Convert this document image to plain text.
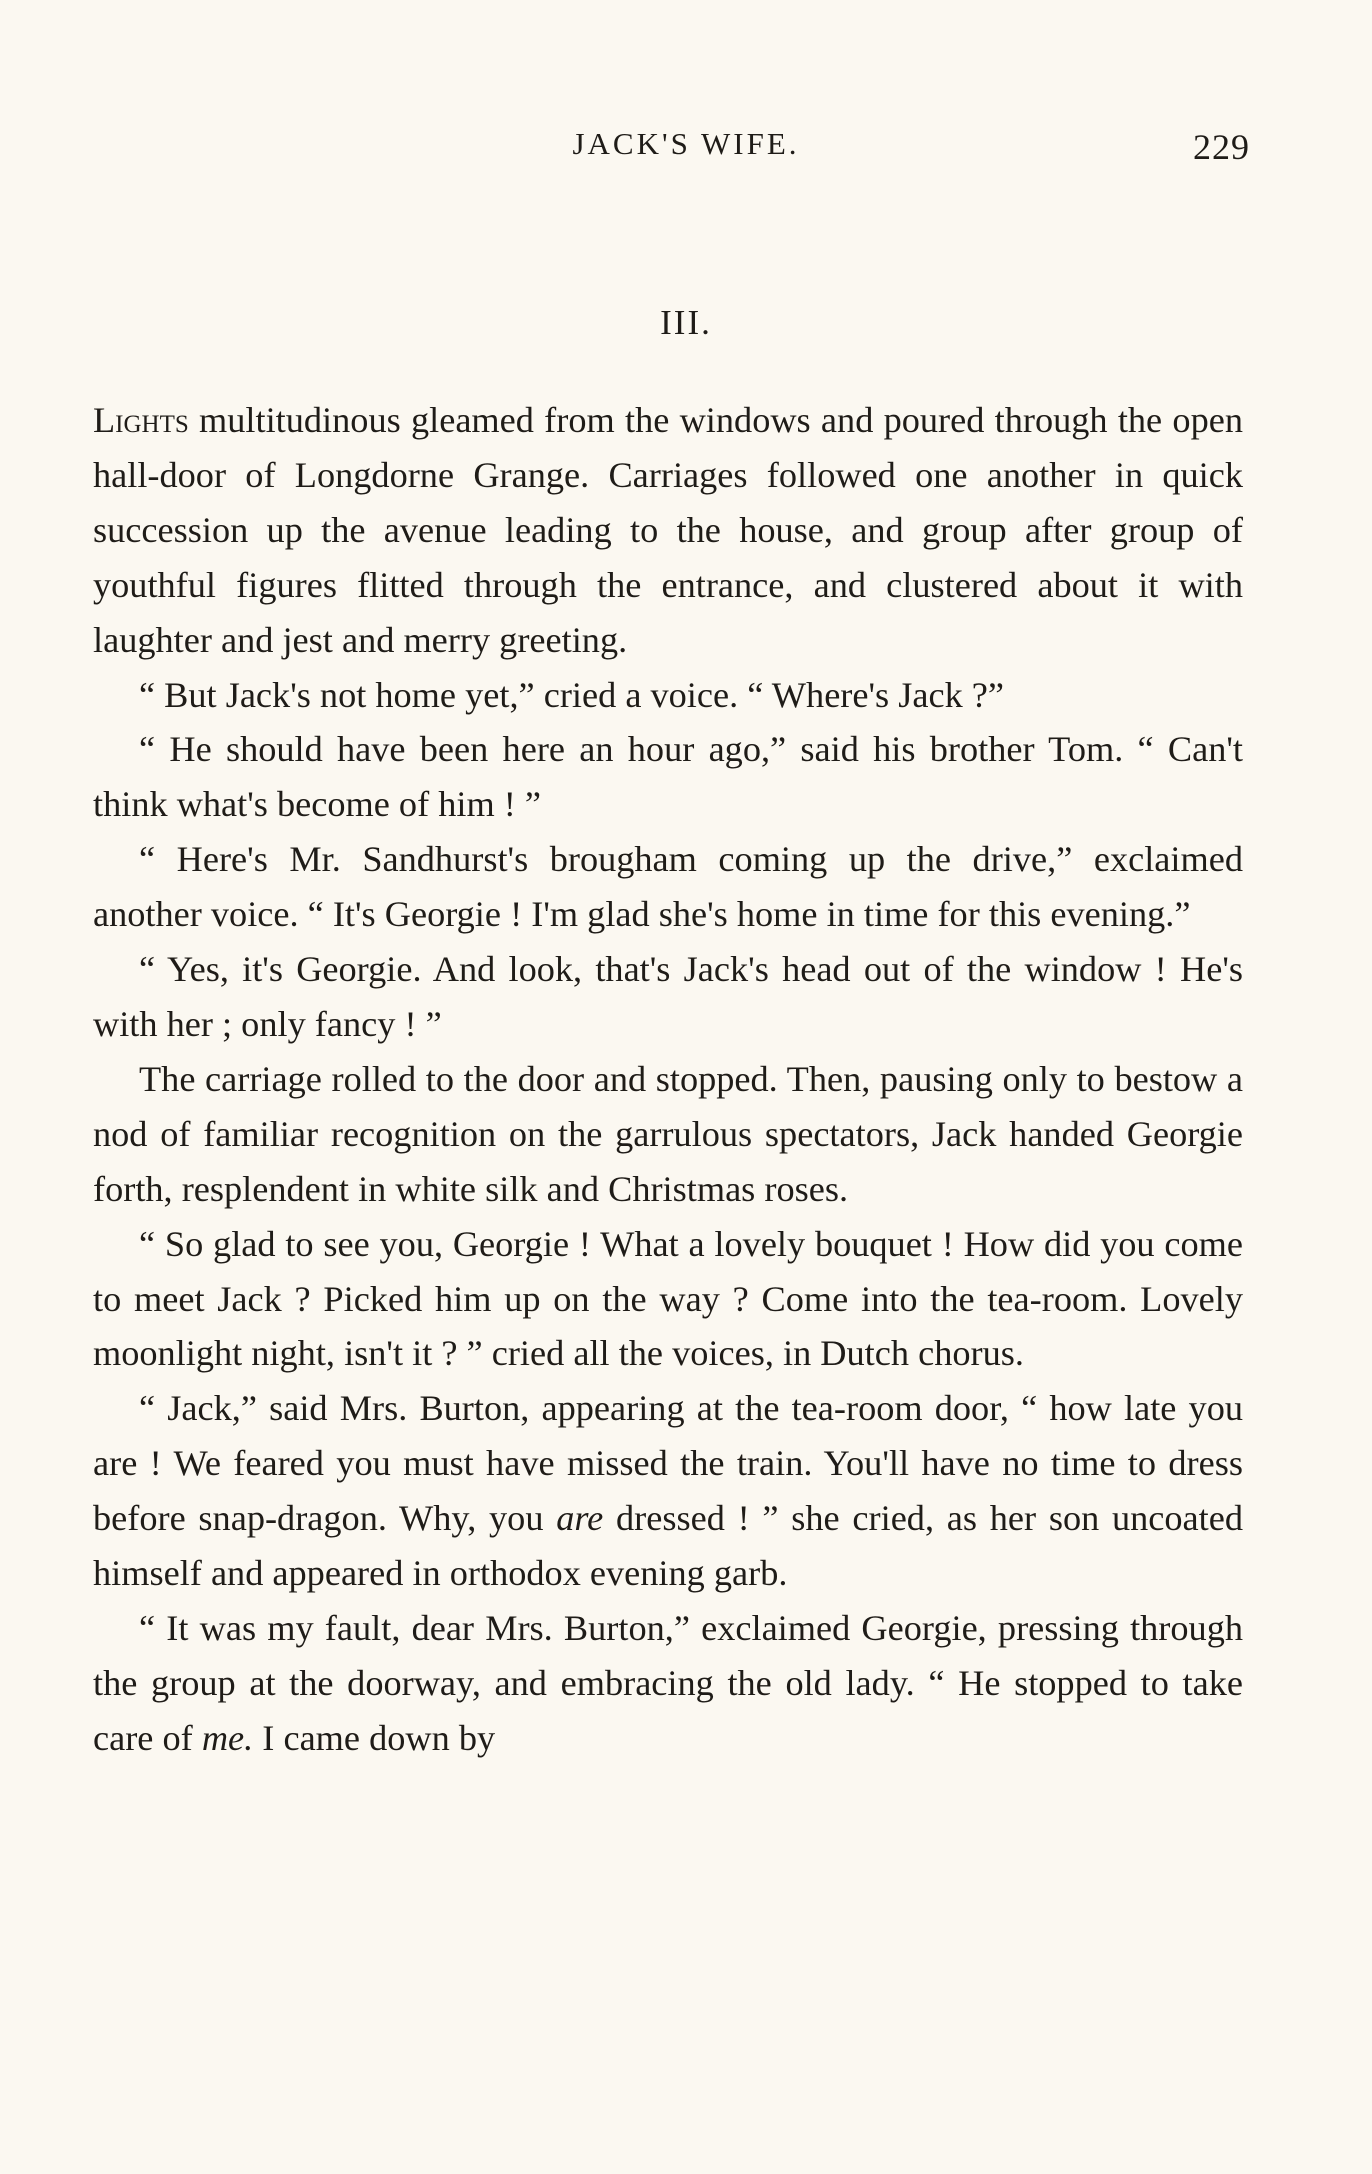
JACK'S WIFE.	229
III.

Lights multitudinous gleamed from the windows and poured through the open hall-door of Longdorne Grange. Carriages followed one another in quick succession up the avenue leading to the house, and group after group of youthful figures flitted through the entrance, and clustered about it with laughter and jest and merry greeting.

“ But Jack's not home yet,” cried a voice. “ Where's Jack ?”

“ He should have been here an hour ago,” said his brother Tom. “ Can't think what's become of him ! ”

“ Here's Mr. Sandhurst's brougham coming up the drive,” exclaimed another voice. “ It's Georgie ! I'm glad she's home in time for this evening.”

“ Yes, it's Georgie. And look, that's Jack's head out of the window ! He's with her ; only fancy ! ”

The carriage rolled to the door and stopped. Then, pausing only to bestow a nod of familiar recognition on the garrulous spectators, Jack handed Georgie forth, resplendent in white silk and Christmas roses.

“ So glad to see you, Georgie ! What a lovely bouquet ! How did you come to meet Jack ? Picked him up on the way ? Come into the tea-room. Lovely moonlight night, isn't it ? ” cried all the voices, in Dutch chorus.

“ Jack,” said Mrs. Burton, appearing at the tea-room door, “ how late you are ! We feared you must have missed the train. You'll have no time to dress before snap-dragon. Why, you are dressed ! ” she cried, as her son uncoated himself and appeared in orthodox evening garb.

“ It was my fault, dear Mrs. Burton,” exclaimed Georgie, pressing through the group at the doorway, and embracing the old lady. “ He stopped to take care of me. I came down by
